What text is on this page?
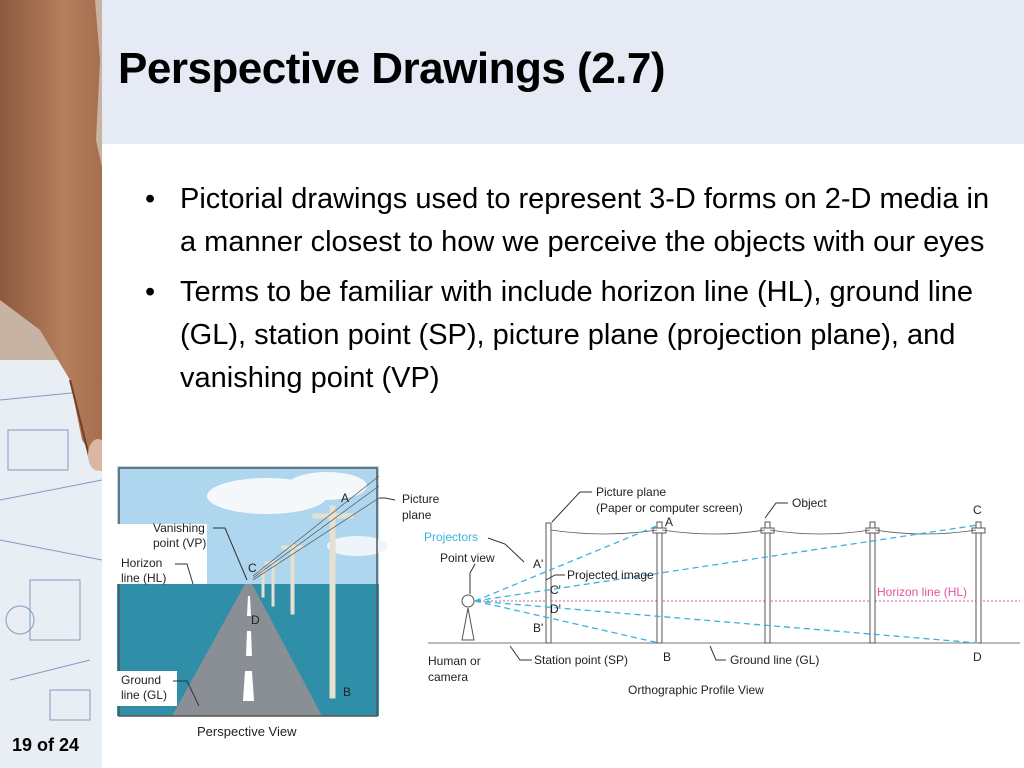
Perspective Drawings (2.7)
• Pictorial drawings used to represent 3-D forms on 2-D media in a manner closest to how we perceive the objects with our eyes
• Terms to be familiar with include horizon line (HL), ground line (GL), station point (SP), picture plane (projection plane), and vanishing point (VP)
Vanishing
point (VP)
Horizon
line (HL)
Ground
line (GL)
Picture
plane
A
B
C
D
Perspective View
Picture plane
(Paper or computer screen)	Object
Projectors
Point view
Projected image
Horizon line (HL)
Station point (SP)	Ground line (GL)
Human or
camera
A
A'
C'
D'
B'
B
C
D
Orthographic Profile View
19 of 24
